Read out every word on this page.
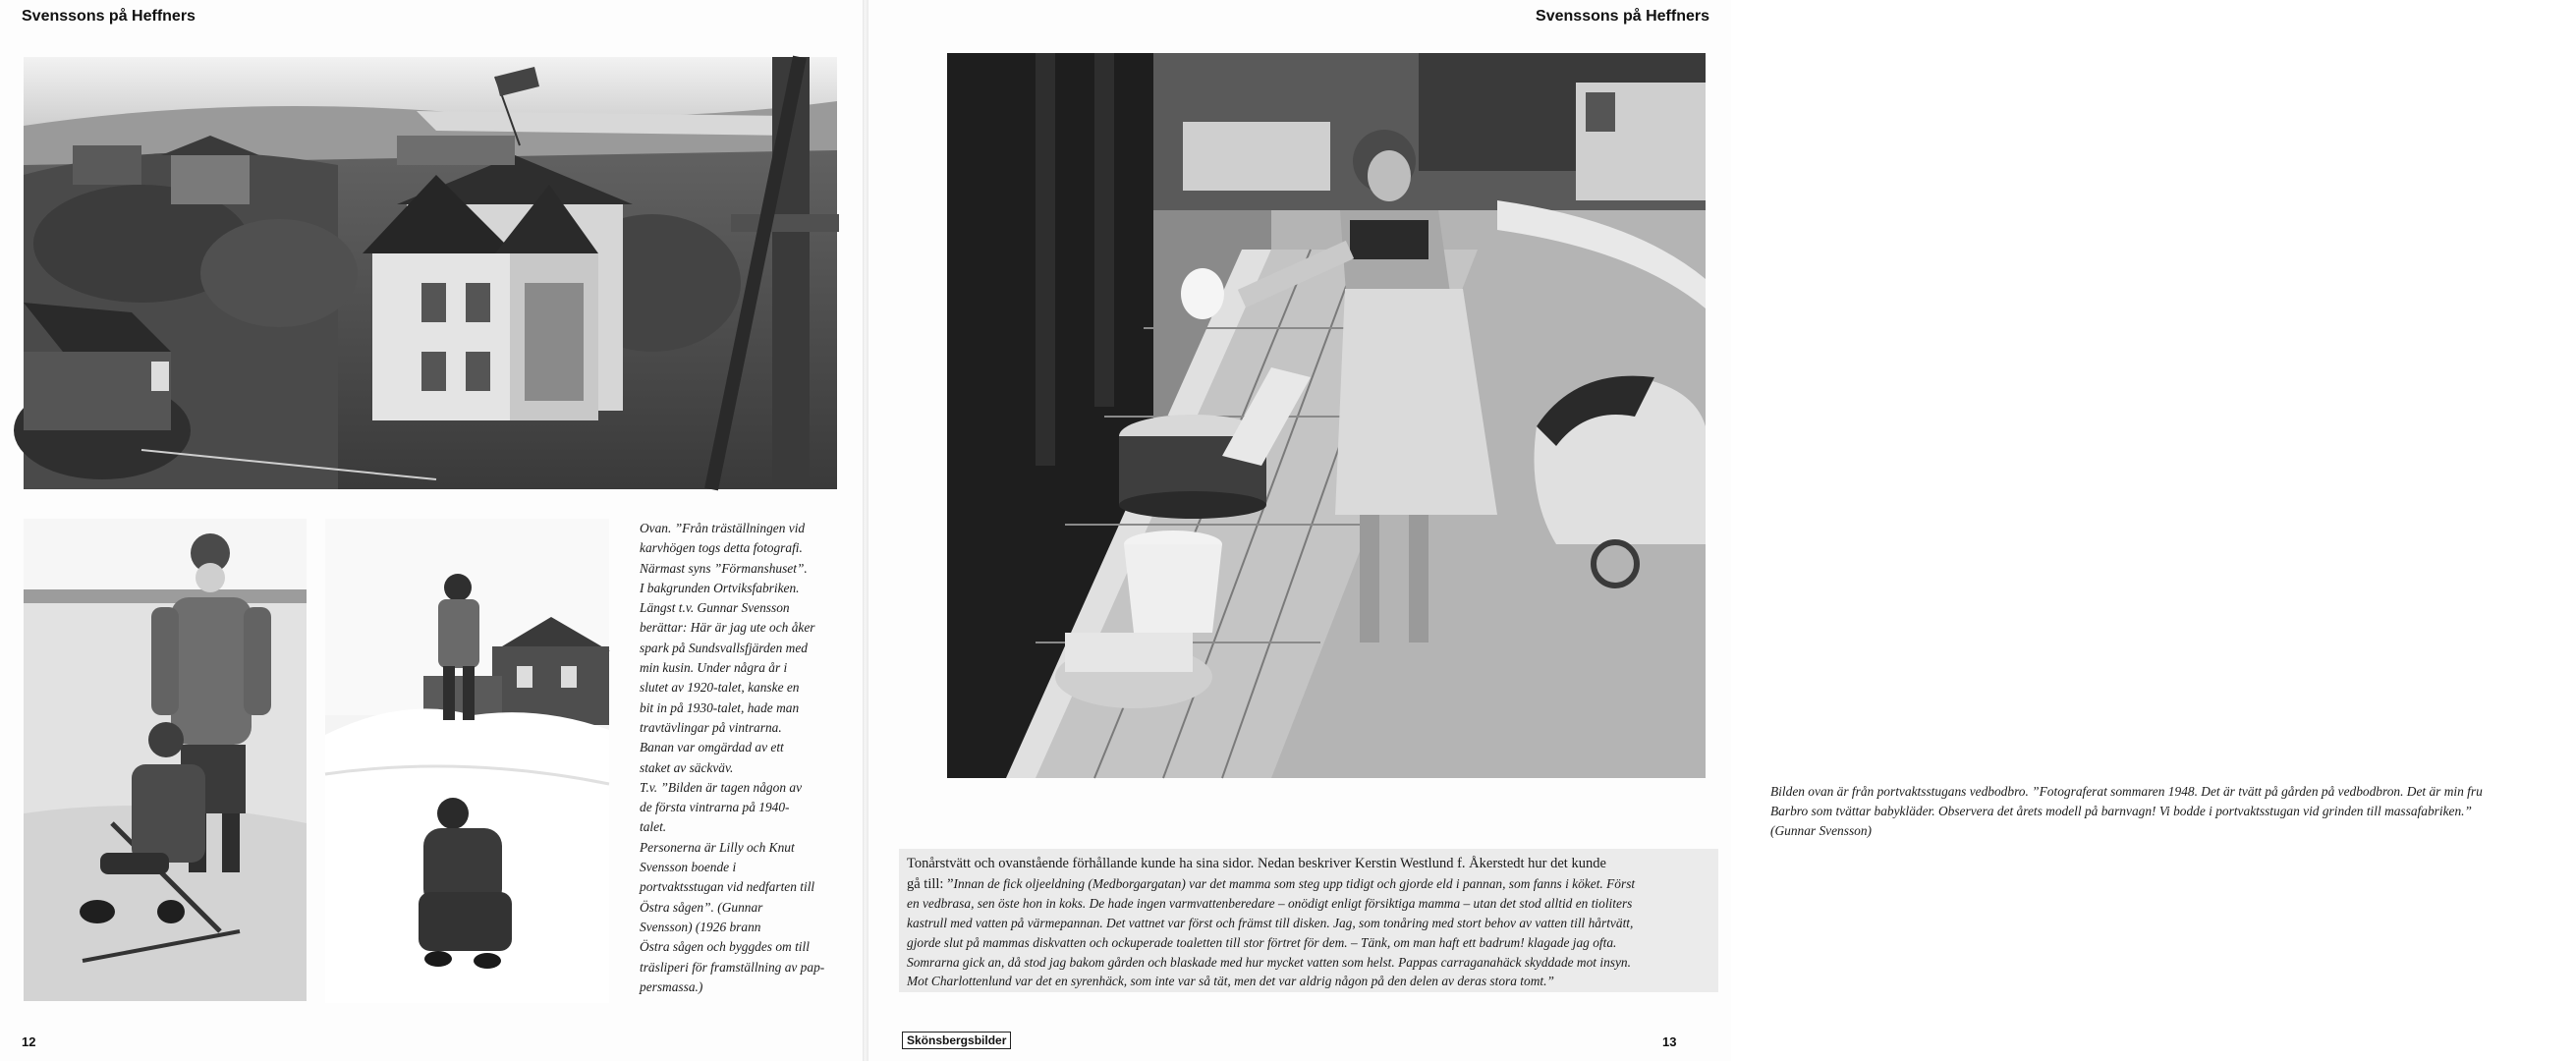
Svenssons på Heffners

Ovan. ”Från träställningen vid

karvhögen togs detta fotografi.

Närmast syns ”Förmanshuset”.

I bakgrunden Ortviksfabriken.

Längst t.v. Gunnar Svensson

berättar: Här är jag ute och åker

spark på Sundsvallsfjärden med

min kusin. Under några år i

slutet av 1920-talet, kanske en

bit in på 1930-talet, hade man

travtävlingar på vintrarna.

Banan var omgärdad av ett

staket av säckväv.

T.v. ”Bilden är tagen någon av

de första vintrarna på 1940-

talet.

Personerna är Lilly och Knut

Svensson boende i

portvaktsstugan vid nedfarten till

Östra sågen”. (Gunnar

Svensson) (1926 brann

Östra sågen och byggdes om till

träsliperi för framställning av pap-

persmassa.)

12
Svenssons på Heffners

Bilden ovan är från portvaktsstugans vedbodbro. ”Fotograferat sommaren 1948. Det är tvätt på gården på vedbodbron. Det är min fru

Barbro som tvättar babykläder. Observera det årets modell på barnvagn! Vi bodde i portvaktsstugan vid grinden till massafabriken.”

(Gunnar Svensson)

Tonårstvätt och ovanstående förhållande kunde ha sina sidor. Nedan beskriver Kerstin Westlund f. Åkerstedt hur det kunde
gå till: ”Innan de fick oljeeldning (Medborgargatan) var det mamma som steg upp tidigt och gjorde eld i pannan, som fanns i köket. Först
en vedbrasa, sen öste hon in koks. De hade ingen varmvattenberedare – onödigt enligt försiktiga mamma – utan det stod alltid en tioliters
kastrull med vatten på värmepannan. Det vattnet var först och främst till disken. Jag, som tonåring med stort behov av vatten till hårtvätt,
gjorde slut på mammas diskvatten och ockuperade toaletten till stor förtret för dem. – Tänk, om man haft ett badrum! klagade jag ofta.
Somrarna gick an, då stod jag bakom gården och blaskade med hur mycket vatten som helst. Pappas carraganahäck skyddade mot insyn.
Mot Charlottenlund var det en syrenhäck, som inte var så tät, men det var aldrig någon på den delen av deras stora tomt.”
Skönsbergsbilder	13
